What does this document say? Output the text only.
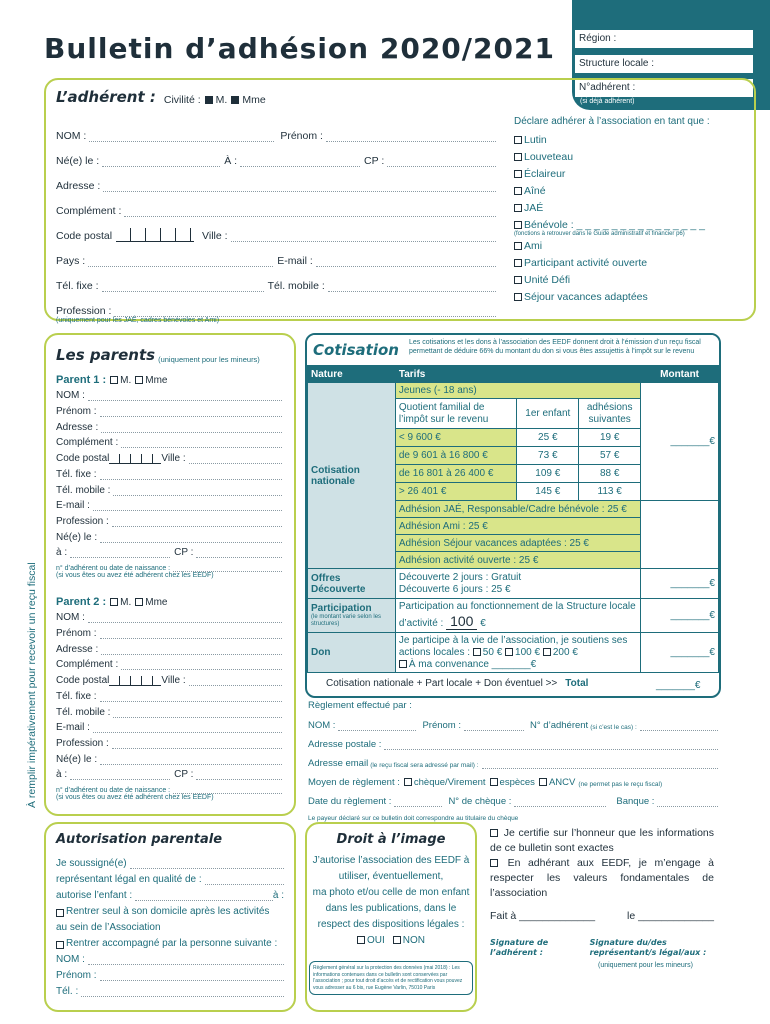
Bulletin d’adhésion 2020/2021	Région :
Structure locale :
N°adhérent :
(si déjà adhérent)
L’adhérent : Civilité :	M.	Mme
NOM :	Prénom :
Né(e) le :	À :	CP :
Adresse :
Complément :
Code postal	Ville :
Pays :	E-mail :
Tél. fixe :	Tél. mobile :
Profession :
(uniquement pour les JAÉ, cadres bénévoles et Ami)
Déclare adhérer à l’association en tant que :
Lutin
Louveteau
Éclaireur
Aîné
JAÉ
Bénévole : _ _ _ _ _ _ _ _ _ _ _ _ _ _ _
(fonctions à retrouver dans le Guide administratif et financier p6)
Ami
Participant activité ouverte
Unité Défi
Séjour vacances adaptées
À remplir impérativement pour recevoir un reçu fiscal
Les parents (uniquement pour les mineurs)
Parent 1 :	M.	Mme
NOM :
Prénom :
Adresse :
Complément :
Code postal	Ville :
Tél. fixe :
Tél. mobile :
E-mail :
Profession :
Né(e) le :
à :	CP :
n° d’adhérent ou date de naissance :
(si vous êtes ou avez été adhérent chez les EEDF)
Parent 2 :	M.	Mme
NOM :
Prénom :
Adresse :
Complément :
Code postal	Ville :
Tél. fixe :
Tél. mobile :
E-mail :
Profession :
Né(e) le :
à :	CP :
n° d’adhérent ou date de naissance :
(si vous êtes ou avez été adhérent chez les EEDF)
Cotisation Les cotisations et les dons à l’association des EEDF donnent droit à l’émission d’un reçu fiscal permettant de déduire 66% du montant du don si vous êtes assujettis à l’impôt sur le revenu
Nature	Tarifs			Montant
Cotisation nationale	Jeunes (- 18 ans)			_______€
	Quotient familial de l’impôt sur le revenu	1er enfant	adhésions suivantes	
	< 9 600 €	25 €	19 €	
	de 9 601 à 16 800 €	73 €	57 €	
	de 16 801 à 26 400 €	109 €	88 €	
	> 26 401 €	145 €	113 €	
	Adhésion JAÉ, Responsable/Cadre bénévole : 25 €			
	Adhésion Ami : 25 €			
	Adhésion Séjour vacances adaptées : 25 €			
	Adhésion activité ouverte : 25 €			
Offres Découverte	Découverte 2 jours : Gratuit
Découverte 6 jours : 25 €			_______€

Participation
(le montant varie selon les structures)	Participation au fonctionnement de la Structure locale d’activité : 100 €			_______€
Don	Je participe à la vie de l’association, je soutiens ses actions locales : 50 € 100 € 200 €
À ma convenance _______€			_______€
Cotisation nationale + Part locale + Don éventuel >> Total	_______€
Règlement effectué par :
NOM :	Prénom :	N° d’adhérent (si c’est le cas) :
Adresse postale :
Adresse email (le reçu fiscal sera adressé par mail) :
Moyen de règlement :	chèque/Virement	espèces	ANCV (ne permet pas le reçu fiscal)
Date du règlement :	N° de chèque :	Banque :
Le payeur déclaré sur ce bulletin doit correspondre au titulaire du chèque
Autorisation parentale
Je soussigné(e)
représentant légal en qualité de :
autorise l’enfant :	à :
Rentrer seul à son domicile après les activités
au sein de l’Association
Rentrer accompagné par la personne suivante :
NOM :
Prénom :
Tél. :
Droit à l’image
J’autorise l’association des EEDF à
utiliser, éventuellement,
ma photo et/ou celle de mon enfant
dans les publications, dans le
respect des dispositions légales :
OUI NON
Règlement général sur la protection des données (mai 2018) : Les informations contenues dans ce bulletin sont conservées par l’association ; pour tout droit d’accès et de rectification vous pouvez vous adresser au 6 bis, rue Eugène Varlin, 75010 Paris
Je certifie sur l’honneur que les informations de ce bulletin sont exactes
En adhérant aux EEDF, je m’engage à respecter les valeurs fondamentales de l’association
Fait à _____________	le _____________
Signature de l’adhérent :
Signature du/des représentant/s légal/aux :
(uniquement pour les mineurs)
